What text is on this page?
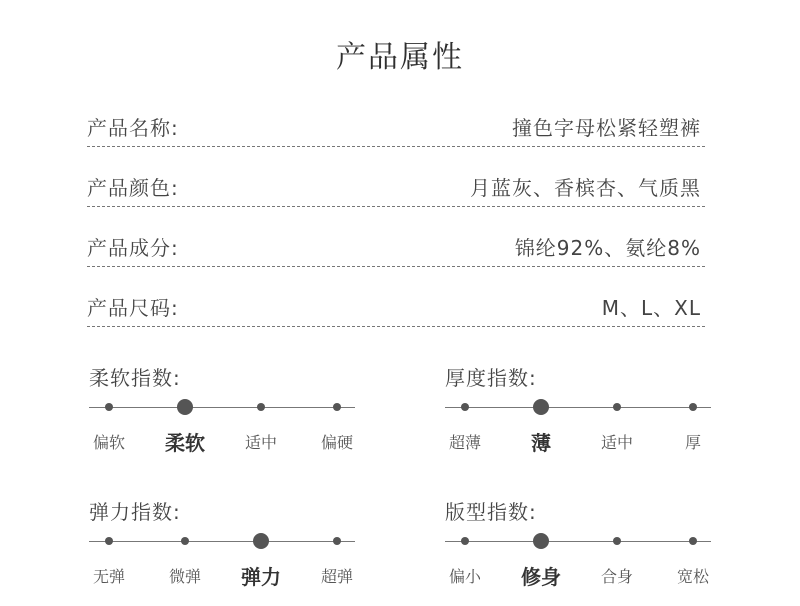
产品属性
产品名称:	撞色字母松紧轻塑裤
产品颜色:	月蓝灰、香槟杏、气质黑
产品成分:	锦纶92%、氨纶8%
产品尺码:	M、L、XL
柔软指数:
偏软 柔软 适中	偏硬
厚度指数:
超薄 薄	适中	厚
弹力指数:
无弹	微弹 弹力 超弹
版型指数:
偏小 修身 合身	宽松
